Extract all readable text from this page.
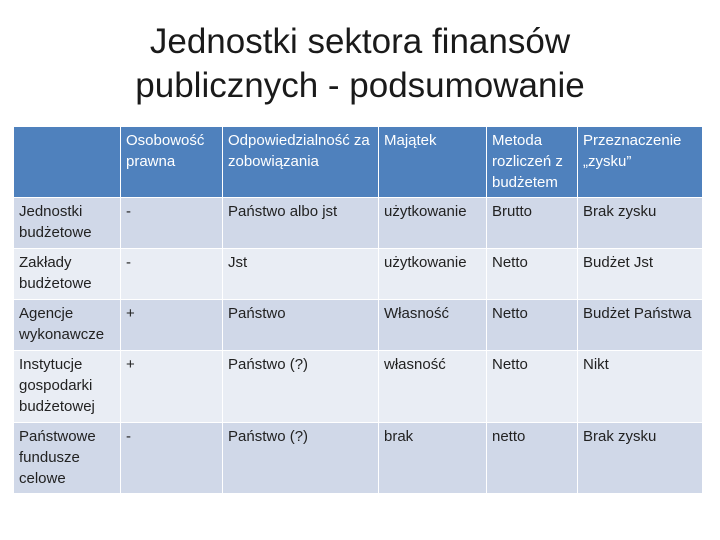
Jednostki sektora finansów
publicznych - podsumowanie
	Osobowość prawna	Odpowiedzialność za zobowiązania	Majątek	Metoda rozliczeń z budżetem	Przeznaczenie „zysku”
Jednostki budżetowe	-	Państwo albo jst	użytkowanie	Brutto	Brak zysku
Zakłady budżetowe	-	Jst	użytkowanie	Netto	Budżet Jst
Agencje wykonawcze	+	Państwo	Własność	Netto	Budżet Państwa
Instytucje gospodarki budżetowej	+	Państwo (?)	własność	Netto	Nikt
Państwowe fundusze celowe	-	Państwo (?)	brak	netto	Brak zysku
